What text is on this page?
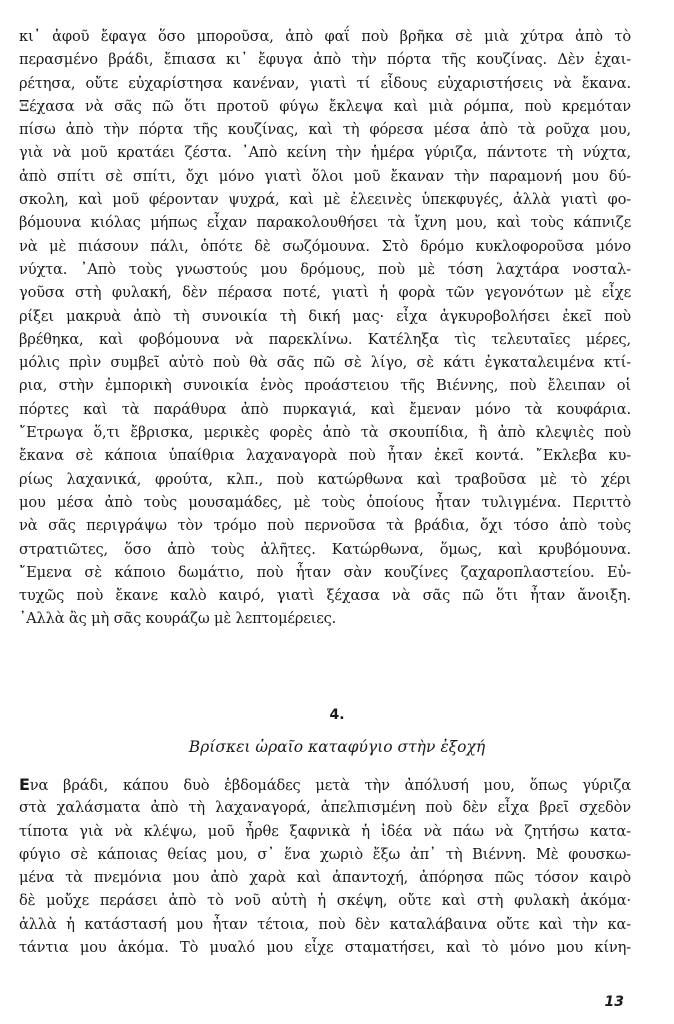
κι᾽ ἀφοῦ ἔφαγα ὅσο μποροῦσα, ἀπὸ φαΐ ποὺ βρῆκα σὲ μιὰ χύτρα ἀπὸ τὸ
περασμένο βράδι, ἔπιασα κι᾽ ἔφυγα ἀπὸ τὴν πόρτα τῆς κουζίνας. Δὲν ἐχαι-
ρέτησα, οὔτε εὐχαρίστησα κανέναν, γιατὶ τί εἶδους εὐχαριστήσεις νὰ ἔκανα.
Ξέχασα νὰ σᾶς πῶ ὅτι προτοῦ φύγω ἔκλεψα καὶ μιὰ ρόμπα, ποὺ κρεμόταν
πίσω ἀπὸ τὴν πόρτα τῆς κουζίνας, καὶ τὴ φόρεσα μέσα ἀπὸ τὰ ροῦχα μου,
γιὰ νὰ μοῦ κρατάει ζέστα. ᾽Απὸ κείνη τὴν ἡμέρα γύριζα, πάντοτε τὴ νύχτα,
ἀπὸ σπίτι σὲ σπίτι, ὄχι μόνο γιατὶ ὅλοι μοῦ ἔκαναν τὴν παραμονή μου δύ-
σκολη, καὶ μοῦ φέρονταν ψυχρά, καὶ μὲ ἐλεεινὲς ὑπεκφυγές, ἀλλὰ γιατὶ φο-
βόμουνα κιόλας μήπως εἶχαν παρακολουθήσει τὰ ἴχνη μου, καὶ τοὺς κάπνιζε
νὰ μὲ πιάσουν πάλι, ὁπότε δὲ σωζόμουνα. Στὸ δρόμο κυκλοφοροῦσα μόνο
νύχτα. ᾽Απὸ τοὺς γνωστούς μου δρόμους, ποὺ μὲ τόση λαχτάρα νοσταλ-
γοῦσα στὴ φυλακή, δὲν πέρασα ποτέ, γιατὶ ἡ φορὰ τῶν γεγονότων μὲ εἶχε
ρίξει μακρυὰ ἀπὸ τὴ συνοικία τὴ δική μας· εἶχα ἀγκυροβολήσει ἐκεῖ ποὺ
βρέθηκα, καὶ φοβόμουνα νὰ παρεκλίνω. Κατέληξα τὶς τελευταῖες μέρες,
μόλις πρὶν συμβεῖ αὐτὸ ποὺ θὰ σᾶς πῶ σὲ λίγο, σὲ κάτι ἐγκαταλειμένα κτί-
ρια, στὴν ἐμπορικὴ συνοικία ἑνὸς προάστειου τῆς Βιέννης, ποὺ ἔλειπαν οἱ
πόρτες καὶ τὰ παράθυρα ἀπὸ πυρκαγιά, καὶ ἔμεναν μόνο τὰ κουφάρια.
῎Ετρωγα ὅ,τι ἔβρισκα, μερικὲς φορὲς ἀπὸ τὰ σκουπίδια, ἢ ἀπὸ κλεψιὲς ποὺ
ἔκανα σὲ κάποια ὑπαίθρια λαχαναγορὰ ποὺ ἦταν ἐκεῖ κοντά. ῎Εκλεβα κυ-
ρίως λαχανικά, φρούτα, κλπ., ποὺ κατώρθωνα καὶ τραβοῦσα μὲ τὸ χέρι
μου μέσα ἀπὸ τοὺς μουσαμάδες, μὲ τοὺς ὁποίους ἦταν τυλιγμένα. Περιττὸ
νὰ σᾶς περιγράψω τὸν τρόμο ποὺ περνοῦσα τὰ βράδια, ὄχι τόσο ἀπὸ τοὺς
στρατιῶτες, ὅσο ἀπὸ τοὺς ἀλῆτες. Κατώρθωνα, ὅμως, καὶ κρυβόμουνα.
῎Εμενα σὲ κάποιο δωμάτιο, ποὺ ἦταν σὰν κουζίνες ζαχαροπλαστείου. Εὐ-
τυχῶς ποὺ ἔκανε καλὸ καιρό, γιατὶ ξέχασα νὰ σᾶς πῶ ὅτι ἦταν ἄνοιξη.
᾽Αλλὰ ἂς μὴ σᾶς κουράζω μὲ λεπτομέρειες.
4.
Βρίσκει ὡραῖο καταφύγιο στὴν ἐξοχή
Ενα βράδι, κάπου δυὸ ἑβδομάδες μετὰ τὴν ἀπόλυσή μου, ὅπως γύριζα
στὰ χαλάσματα ἀπὸ τὴ λαχαναγορά, ἀπελπισμένη ποὺ δὲν εἶχα βρεῖ σχεδὸν
τίποτα γιὰ νὰ κλέψω, μοῦ ἦρθε ξαφνικὰ ἡ ἰδέα νὰ πάω νὰ ζητήσω κατα-
φύγιο σὲ κάποιας θείας μου, σ᾽ ἕνα χωριὸ ἔξω ἀπ᾽ τὴ Βιέννη. Μὲ φουσκω-
μένα τὰ πνεμόνια μου ἀπὸ χαρὰ καὶ ἀπαντοχή, ἀπόρησα πῶς τόσον καιρὸ
δὲ μοὔχε περάσει ἀπὸ τὸ νοῦ αὐτὴ ἡ σκέψη, οὔτε καὶ στὴ φυλακὴ ἀκόμα·
ἀλλὰ ἡ κατάστασή μου ἦταν τέτοια, ποὺ δὲν καταλάβαινα οὔτε καὶ τὴν κα-
τάντια μου ἀκόμα. Τὸ μυαλό μου εἶχε σταματήσει, καὶ τὸ μόνο μου κίνη-
13
